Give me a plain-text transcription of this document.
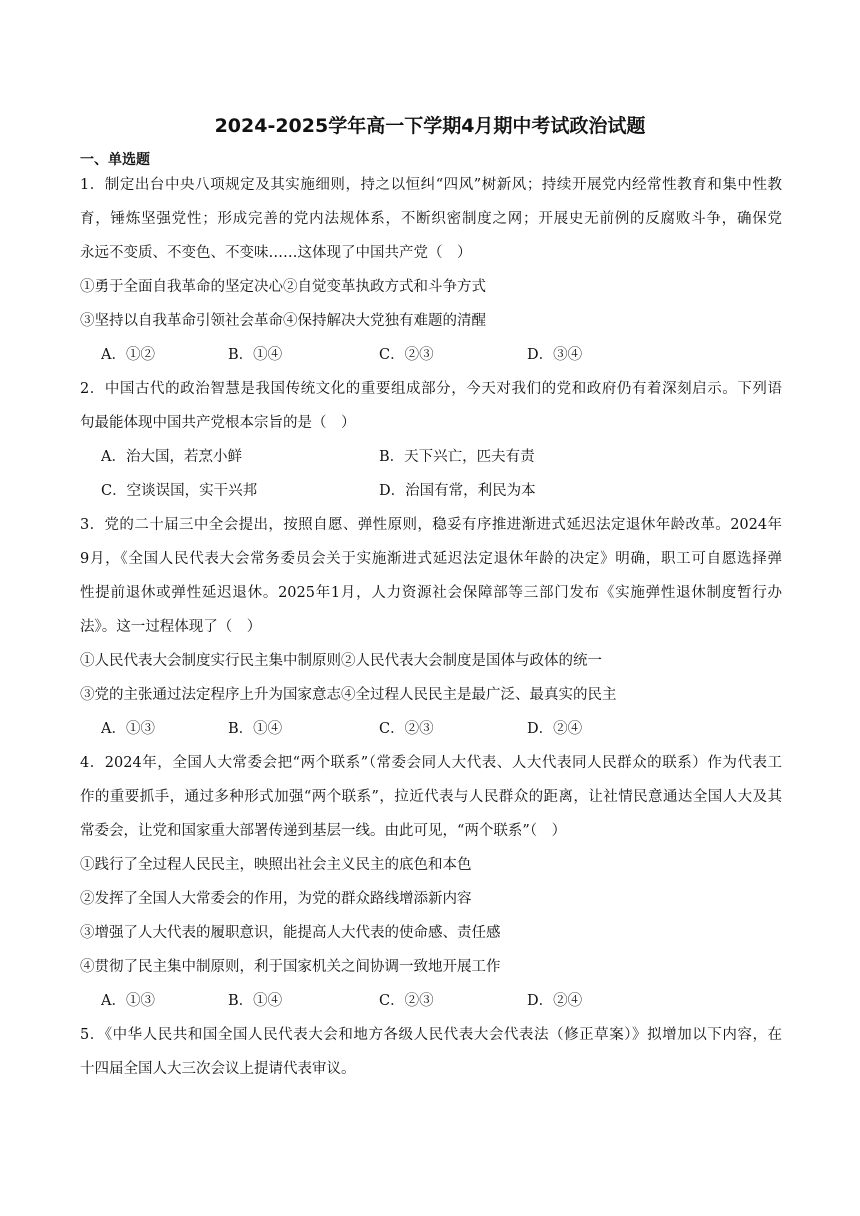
2024-2025学年高一下学期4月期中考试政治试题
一、单选题
1．制定出台中央八项规定及其实施细则，持之以恒纠“四风”树新风；持续开展党内经常性教育和集中性教
育，锤炼坚强党性；形成完善的党内法规体系，不断织密制度之网；开展史无前例的反腐败斗争，确保党
永远不变质、不变色、不变味……这体现了中国共产党（　）
①勇于全面自我革命的坚定决心②自觉变革执政方式和斗争方式
③坚持以自我革命引领社会革命④保持解决大党独有难题的清醒
A．①②	B．①④	C．②③	D．③④
2．中国古代的政治智慧是我国传统文化的重要组成部分，今天对我们的党和政府仍有着深刻启示。下列语
句最能体现中国共产党根本宗旨的是（　）
A．治大国，若烹小鲜	B．天下兴亡，匹夫有责
C．空谈误国，实干兴邦	D．治国有常，利民为本
3．党的二十届三中全会提出，按照自愿、弹性原则，稳妥有序推进渐进式延迟法定退休年龄改革。2024年
9月，《全国人民代表大会常务委员会关于实施渐进式延迟法定退休年龄的决定》明确，职工可自愿选择弹
性提前退休或弹性延迟退休。2025年1月，人力资源社会保障部等三部门发布《实施弹性退休制度暂行办
法》。这一过程体现了（　）
①人民代表大会制度实行民主集中制原则②人民代表大会制度是国体与政体的统一
③党的主张通过法定程序上升为国家意志④全过程人民民主是最广泛、最真实的民主
A．①③	B．①④	C．②③	D．②④
4．2024年，全国人大常委会把“两个联系”（常委会同人大代表、人大代表同人民群众的联系）作为代表工
作的重要抓手，通过多种形式加强“两个联系”，拉近代表与人民群众的距离，让社情民意通达全国人大及其
常委会，让党和国家重大部署传递到基层一线。由此可见，“两个联系”（　）
①践行了全过程人民民主，映照出社会主义民主的底色和本色
②发挥了全国人大常委会的作用，为党的群众路线增添新内容
③增强了人大代表的履职意识，能提高人大代表的使命感、责任感
④贯彻了民主集中制原则，利于国家机关之间协调一致地开展工作
A．①③	B．①④	C．②③	D．②④
5．《中华人民共和国全国人民代表大会和地方各级人民代表大会代表法（修正草案）》拟增加以下内容，在
十四届全国人大三次会议上提请代表审议。
